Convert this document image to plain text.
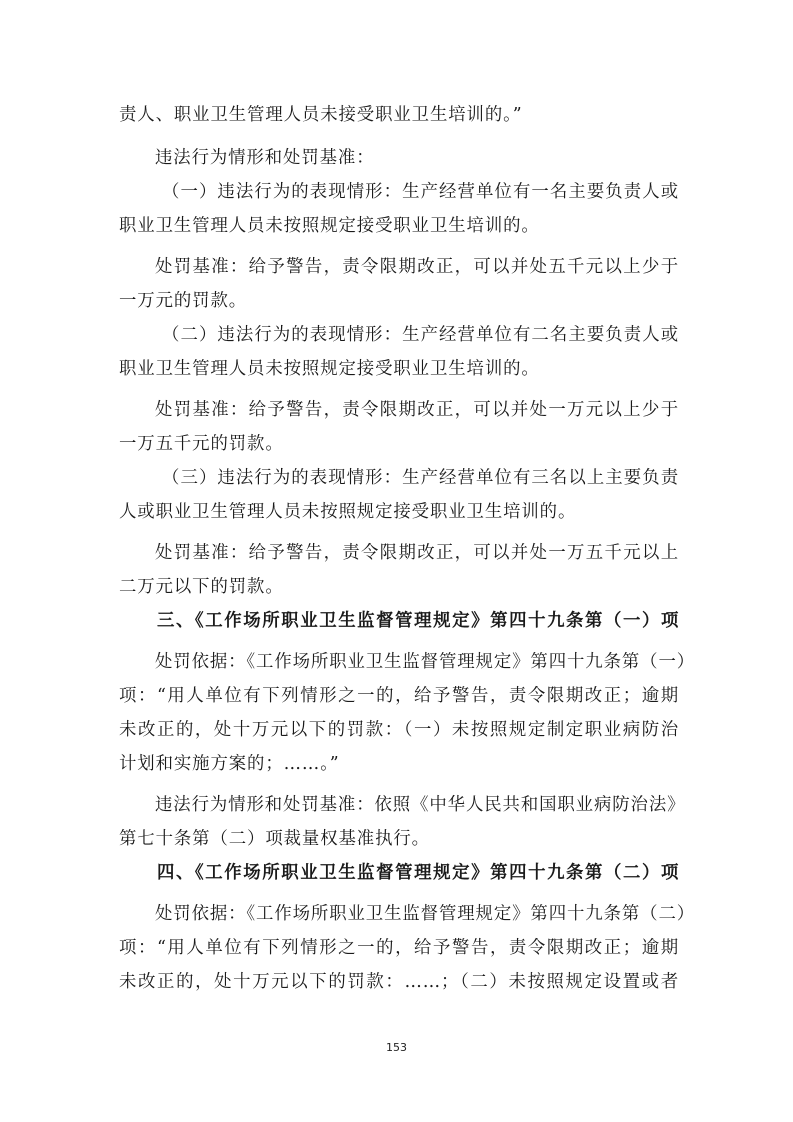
责人、职业卫生管理人员未接受职业卫生培训的。”
违法行为情形和处罚基准：
（一）违法行为的表现情形：生产经营单位有一名主要负责人或
职业卫生管理人员未按照规定接受职业卫生培训的。
处罚基准：给予警告，责令限期改正，可以并处五千元以上少于
一万元的罚款。
（二）违法行为的表现情形：生产经营单位有二名主要负责人或
职业卫生管理人员未按照规定接受职业卫生培训的。
处罚基准：给予警告，责令限期改正，可以并处一万元以上少于
一万五千元的罚款。
（三）违法行为的表现情形：生产经营单位有三名以上主要负责
人或职业卫生管理人员未按照规定接受职业卫生培训的。
处罚基准：给予警告，责令限期改正，可以并处一万五千元以上
二万元以下的罚款。
三、《工作场所职业卫生监督管理规定》第四十九条第（一）项
处罚依据：《工作场所职业卫生监督管理规定》第四十九条第（一）
项：“用人单位有下列情形之一的，给予警告，责令限期改正；逾期
未改正的，处十万元以下的罚款：（一）未按照规定制定职业病防治
计划和实施方案的；……。”
违法行为情形和处罚基准：依照《中华人民共和国职业病防治法》
第七十条第（二）项裁量权基准执行。
四、《工作场所职业卫生监督管理规定》第四十九条第（二）项
处罚依据：《工作场所职业卫生监督管理规定》第四十九条第（二）
项：“用人单位有下列情形之一的，给予警告，责令限期改正；逾期
未改正的，处十万元以下的罚款：……；（二）未按照规定设置或者
153
